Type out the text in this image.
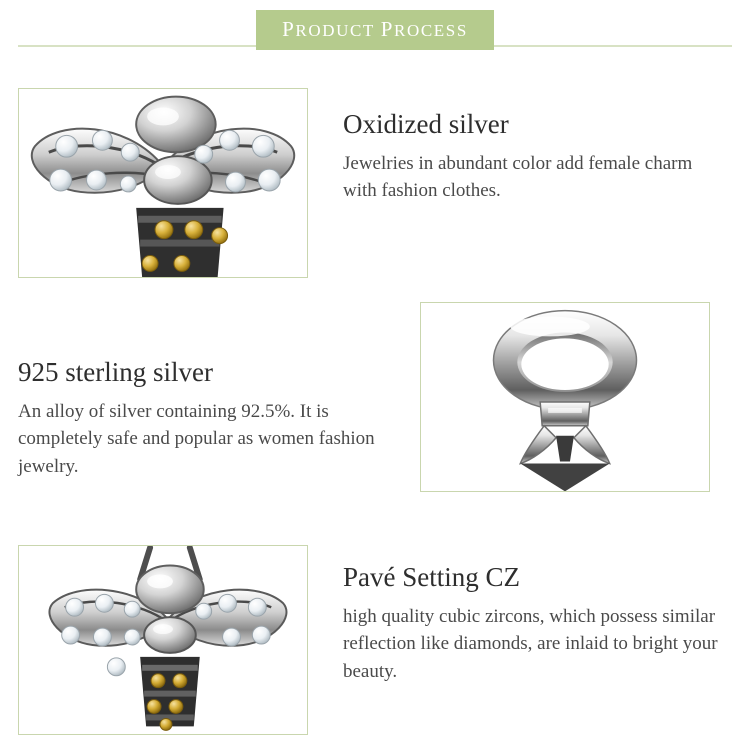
PRODUCT PROCESS
Oxidized silver

Jewelries in abundant color add female charm with fashion clothes.

925 sterling silver

An alloy of silver containing 92.5%. It is completely safe and popular as women fashion jewelry.

Pavé Setting CZ

high quality cubic zircons, which possess similar reflection like diamonds, are inlaid to bright your beauty.
